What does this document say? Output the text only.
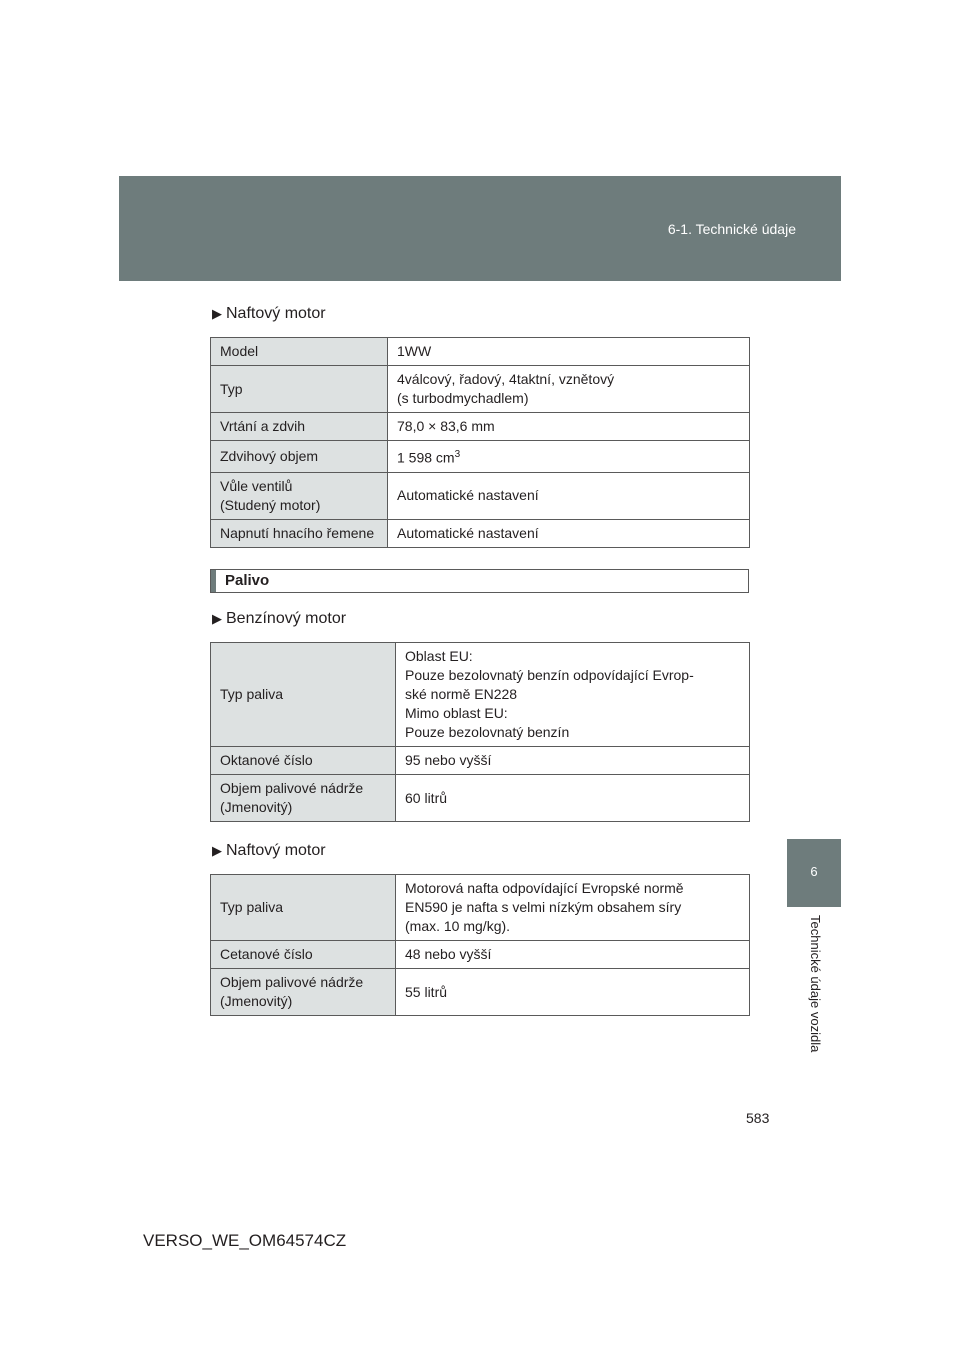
6-1. Technické údaje
6
Technické údaje vozidla
▶ Naftový motor
Model	1WW
Typ	4válcový, řadový, 4taktní, vznětový
(s turbodmychadlem)
Vrtání a zdvih	78,0 × 83,6 mm
Zdvihový objem	1 598 $cm^3$
Vůle ventilů
(Studený motor)	Automatické nastavení
Napnutí hnacího řemene	Automatické nastavení
Palivo
▶ Benzínový motor
Typ paliva	Oblast EU:
Pouze bezolovnatý benzín odpovídající Evrop-
ské normě EN228
Mimo oblast EU:
Pouze bezolovnatý benzín
Oktanové číslo	95 nebo vyšší
Objem palivové nádrže
(Jmenovitý)	60 litrů
▶ Naftový motor
Typ paliva	Motorová nafta odpovídající Evropské normě
EN590 je nafta s velmi nízkým obsahem síry
(max. 10 mg/kg).
Cetanové číslo	48 nebo vyšší
Objem palivové nádrže
(Jmenovitý)	55 litrů
583
VERSO_WE_OM64574CZ
